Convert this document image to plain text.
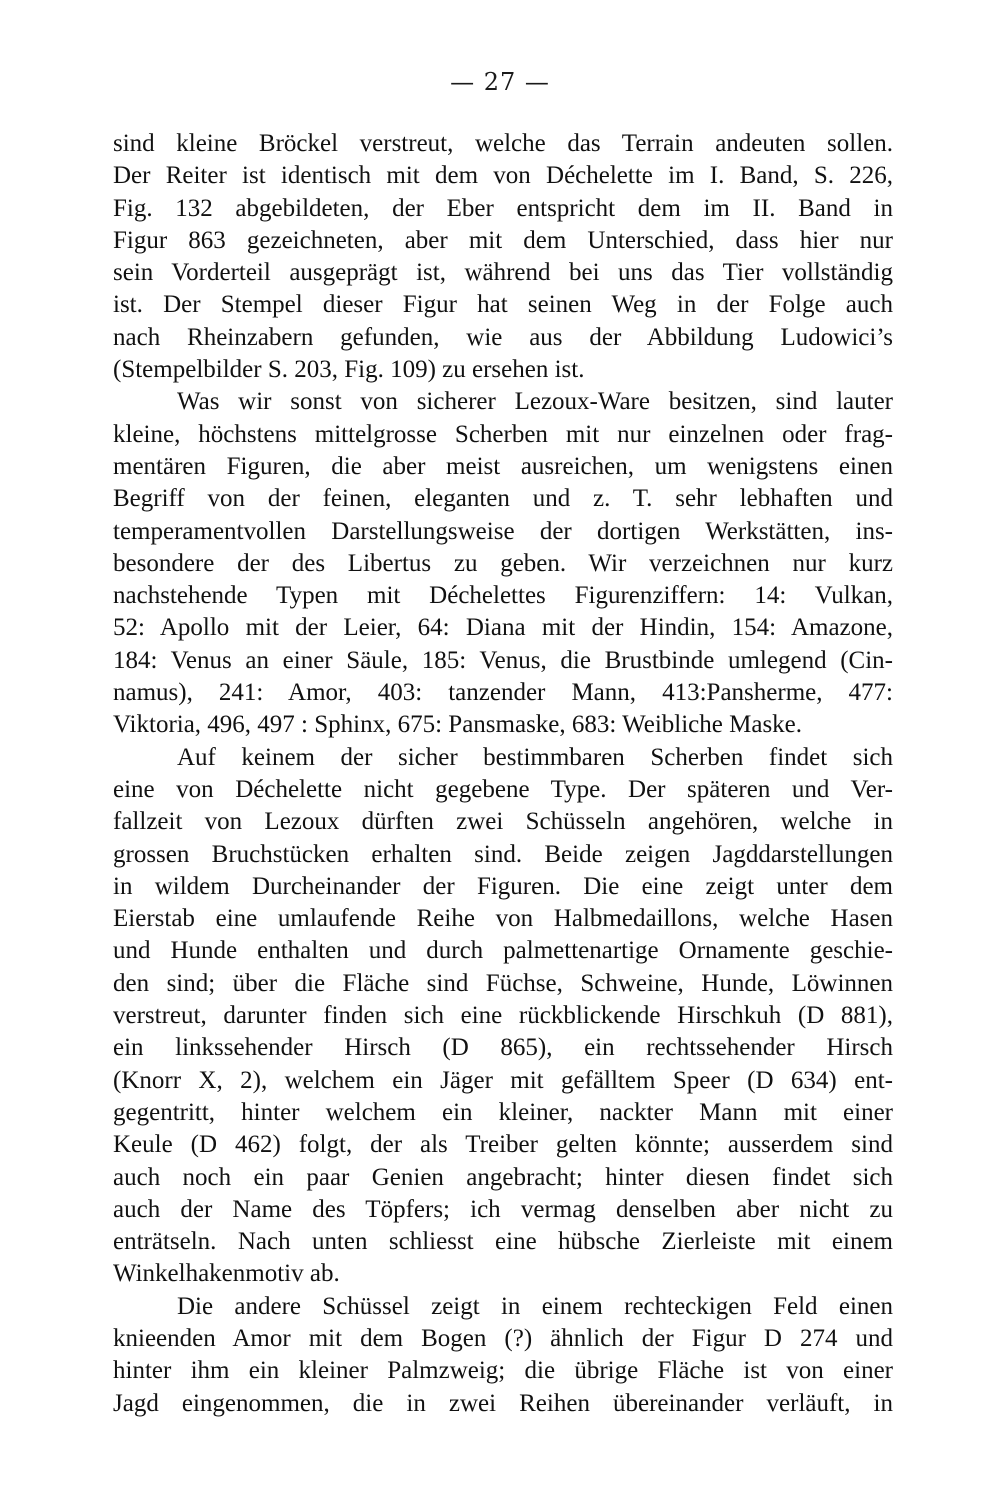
— 27 —
sind kleine Bröckel verstreut, welche das Terrain andeuten sollen.
Der Reiter ist identisch mit dem von Déchelette im I. Band, S. 226,
Fig. 132 abgebildeten, der Eber entspricht dem im II. Band in
Figur 863 gezeichneten, aber mit dem Unterschied, dass hier nur
sein Vorderteil ausgeprägt ist, während bei uns das Tier vollständig
ist. Der Stempel dieser Figur hat seinen Weg in der Folge auch
nach Rheinzabern gefunden, wie aus der Abbildung Ludowici’s
(Stempelbilder S. 203, Fig. 109) zu ersehen ist.
Was wir sonst von sicherer Lezoux-Ware besitzen, sind lauter
kleine, höchstens mittelgrosse Scherben mit nur einzelnen oder frag-
mentären Figuren, die aber meist ausreichen, um wenigstens einen
Begriff von der feinen, eleganten und z. T. sehr lebhaften und
temperamentvollen Darstellungsweise der dortigen Werkstätten, ins-
besondere der des Libertus zu geben. Wir verzeichnen nur kurz
nachstehende Typen mit Déchelettes Figurenziffern: 14: Vulkan,
52: Apollo mit der Leier, 64: Diana mit der Hindin, 154: Amazone,
184: Venus an einer Säule, 185: Venus, die Brustbinde umlegend (Cin-
namus), 241: Amor, 403: tanzender Mann, 413:Pansherme, 477:
Viktoria, 496, 497 : Sphinx, 675: Pansmaske, 683: Weibliche Maske.
Auf keinem der sicher bestimmbaren Scherben findet sich
eine von Déchelette nicht gegebene Type. Der späteren und Ver-
fallzeit von Lezoux dürften zwei Schüsseln angehören, welche in
grossen Bruchstücken erhalten sind. Beide zeigen Jagddarstellungen
in wildem Durcheinander der Figuren. Die eine zeigt unter dem
Eierstab eine umlaufende Reihe von Halbmedaillons, welche Hasen
und Hunde enthalten und durch palmettenartige Ornamente geschie-
den sind; über die Fläche sind Füchse, Schweine, Hunde, Löwinnen
verstreut, darunter finden sich eine rückblickende Hirschkuh (D 881),
ein linkssehender Hirsch (D 865), ein rechtssehender Hirsch
(Knorr X, 2), welchem ein Jäger mit gefälltem Speer (D 634) ent-
gegentritt, hinter welchem ein kleiner, nackter Mann mit einer
Keule (D 462) folgt, der als Treiber gelten könnte; ausserdem sind
auch noch ein paar Genien angebracht; hinter diesen findet sich
auch der Name des Töpfers; ich vermag denselben aber nicht zu
enträtseln. Nach unten schliesst eine hübsche Zierleiste mit einem
Winkelhakenmotiv ab.
Die andere Schüssel zeigt in einem rechteckigen Feld einen
knieenden Amor mit dem Bogen (?) ähnlich der Figur D 274 und
hinter ihm ein kleiner Palmzweig; die übrige Fläche ist von einer
Jagd eingenommen, die in zwei Reihen übereinander verläuft, in
